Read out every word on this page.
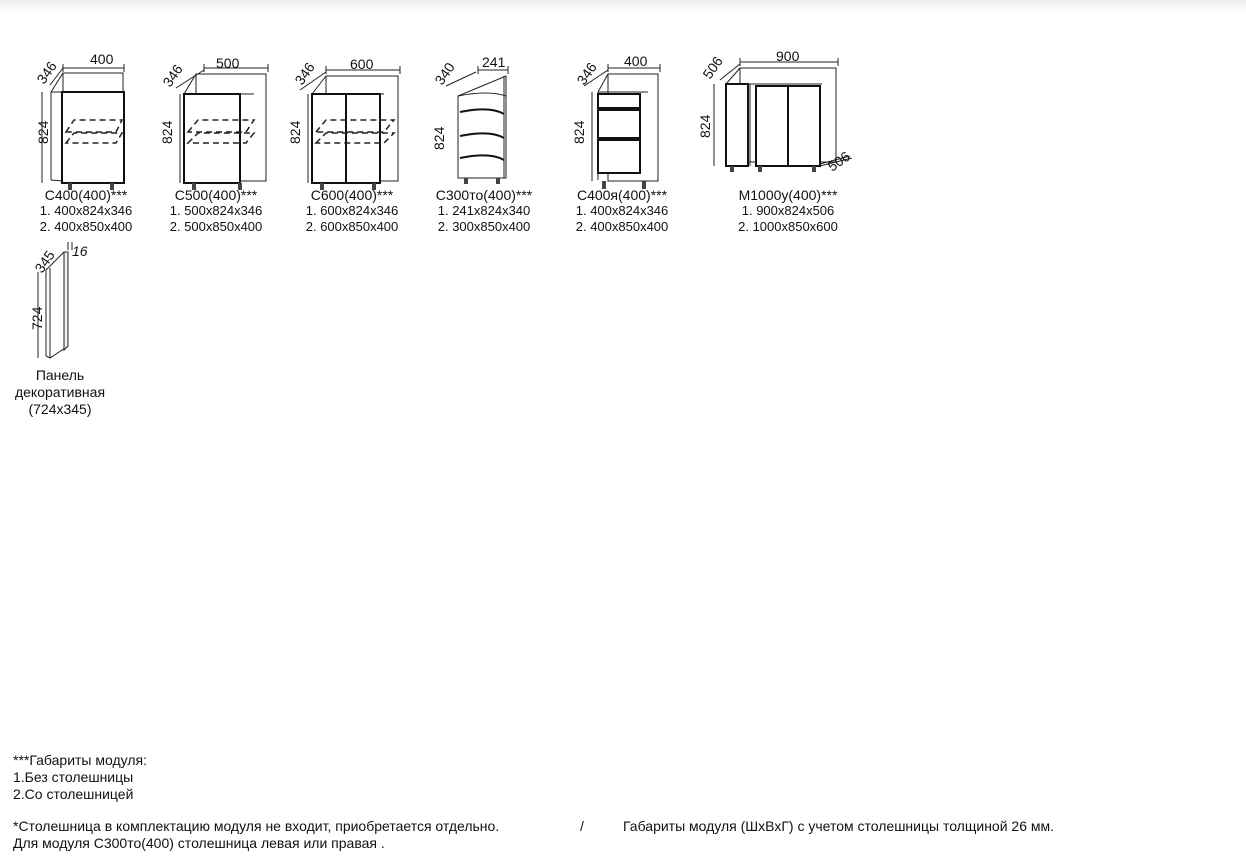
400
346
824
С400(400)***
1. 400х824х346
2. 400х850х400
500
346
824
С500(400)***
1. 500х824х346
2. 500х850х400
600
346
824
С600(400)***
1. 600х824х346
2. 600х850х400
241
340
824
С300то(400)***
1. 241х824х340
2. 300х850х400
400
346
824
С400я(400)***
1. 400х824х346
2. 400х850х400
900
506
824
506
М1000у(400)***
1. 900х824х506
2. 1000х850х600
345 16
724
Панель
декоративная
(724х345)
***Габариты модуля:
1.Без столешницы
2.Со столешницей
*Столешница в комплектацию модуля не входит, приобретается отдельно.	/	Габариты модуля (ШхВхГ) с учетом столешницы толщиной 26 мм.
Для модуля С300то(400) столешница левая или правая .
